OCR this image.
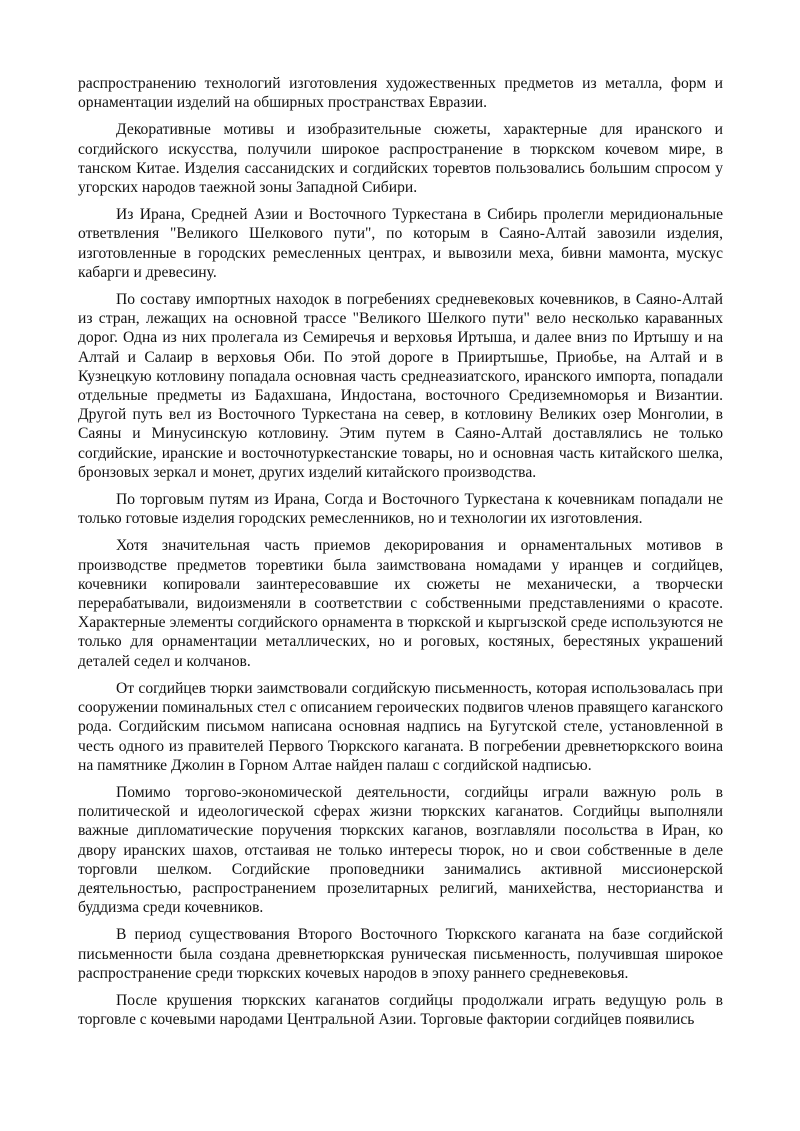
распространению технологий изготовления художественных предметов из металла, форм и орнаментации изделий на обширных пространствах Евразии.

Декоративные мотивы и изобразительные сюжеты, характерные для иранского и согдийского искусства, получили широкое распространение в тюркском кочевом мире, в танском Китае. Изделия сассанидских и согдийских торевтов пользовались большим спросом у угорских народов таежной зоны Западной Сибири.

Из Ирана, Средней Азии и Восточного Туркестана в Сибирь пролегли меридиональные ответвления "Великого Шелкового пути", по которым в Саяно-Алтай завозили изделия, изготовленные в городских ремесленных центрах, и вывозили меха, бивни мамонта, мускус кабарги и древесину.

По составу импортных находок в погребениях средневековых кочевников, в Саяно-Алтай из стран, лежащих на основной трассе "Великого Шелкого пути" вело несколько караванных дорог. Одна из них пролегала из Семиречья и верховья Иртыша, и далее вниз по Иртышу и на Алтай и Салаир в верховья Оби. По этой дороге в Прииртышье, Приобье, на Алтай и в Кузнецкую котловину попадала основная часть среднеазиатского, иранского импорта, попадали отдельные предметы из Бадахшана, Индостана, восточного Средиземноморья и Византии. Другой путь вел из Восточного Туркестана на север, в котловину Великих озер Монголии, в Саяны и Минусинскую котловину. Этим путем в Саяно-Алтай доставлялись не только согдийские, иранские и восточнотуркестанские товары, но и основная часть китайского шелка, бронзовых зеркал и монет, других изделий китайского производства.

По торговым путям из Ирана, Согда и Восточного Туркестана к кочевникам попадали не только готовые изделия городских ремесленников, но и технологии их изготовления.

Хотя значительная часть приемов декорирования и орнаментальных мотивов в производстве предметов торевтики была заимствована номадами у иранцев и согдийцев, кочевники копировали заинтересовавшие их сюжеты не механически, а творчески перерабатывали, видоизменяли в соответствии с собственными представлениями о красоте. Характерные элементы согдийского орнамента в тюркской и кыргызской среде используются не только для орнаментации металлических, но и роговых, костяных, берестяных украшений деталей седел и колчанов.

От согдийцев тюрки заимствовали согдийскую письменность, которая использовалась при сооружении поминальных стел с описанием героических подвигов членов правящего каганского рода. Согдийским письмом написана основная надпись на Бугутской стеле, установленной в честь одного из правителей Первого Тюркского каганата. В погребении древнетюркского воина на памятнике Джолин в Горном Алтае найден палаш с согдийской надписью.

Помимо торгово-экономической деятельности, согдийцы играли важную роль в политической и идеологической сферах жизни тюркских каганатов. Согдийцы выполняли важные дипломатические поручения тюркских каганов, возглавляли посольства в Иран, ко двору иранских шахов, отстаивая не только интересы тюрок, но и свои собственные в деле торговли шелком. Согдийские проповедники занимались активной миссионерской деятельностью, распространением прозелитарных религий, манихейства, несторианства и буддизма среди кочевников.

В период существования Второго Восточного Тюркского каганата на базе согдийской письменности была создана древнетюркская руническая письменность, получившая широкое распространение среди тюркских кочевых народов в эпоху раннего средневековья.

После крушения тюркских каганатов согдийцы продолжали играть ведущую роль в торговле с кочевыми народами Центральной Азии. Торговые фактории согдийцев появились
